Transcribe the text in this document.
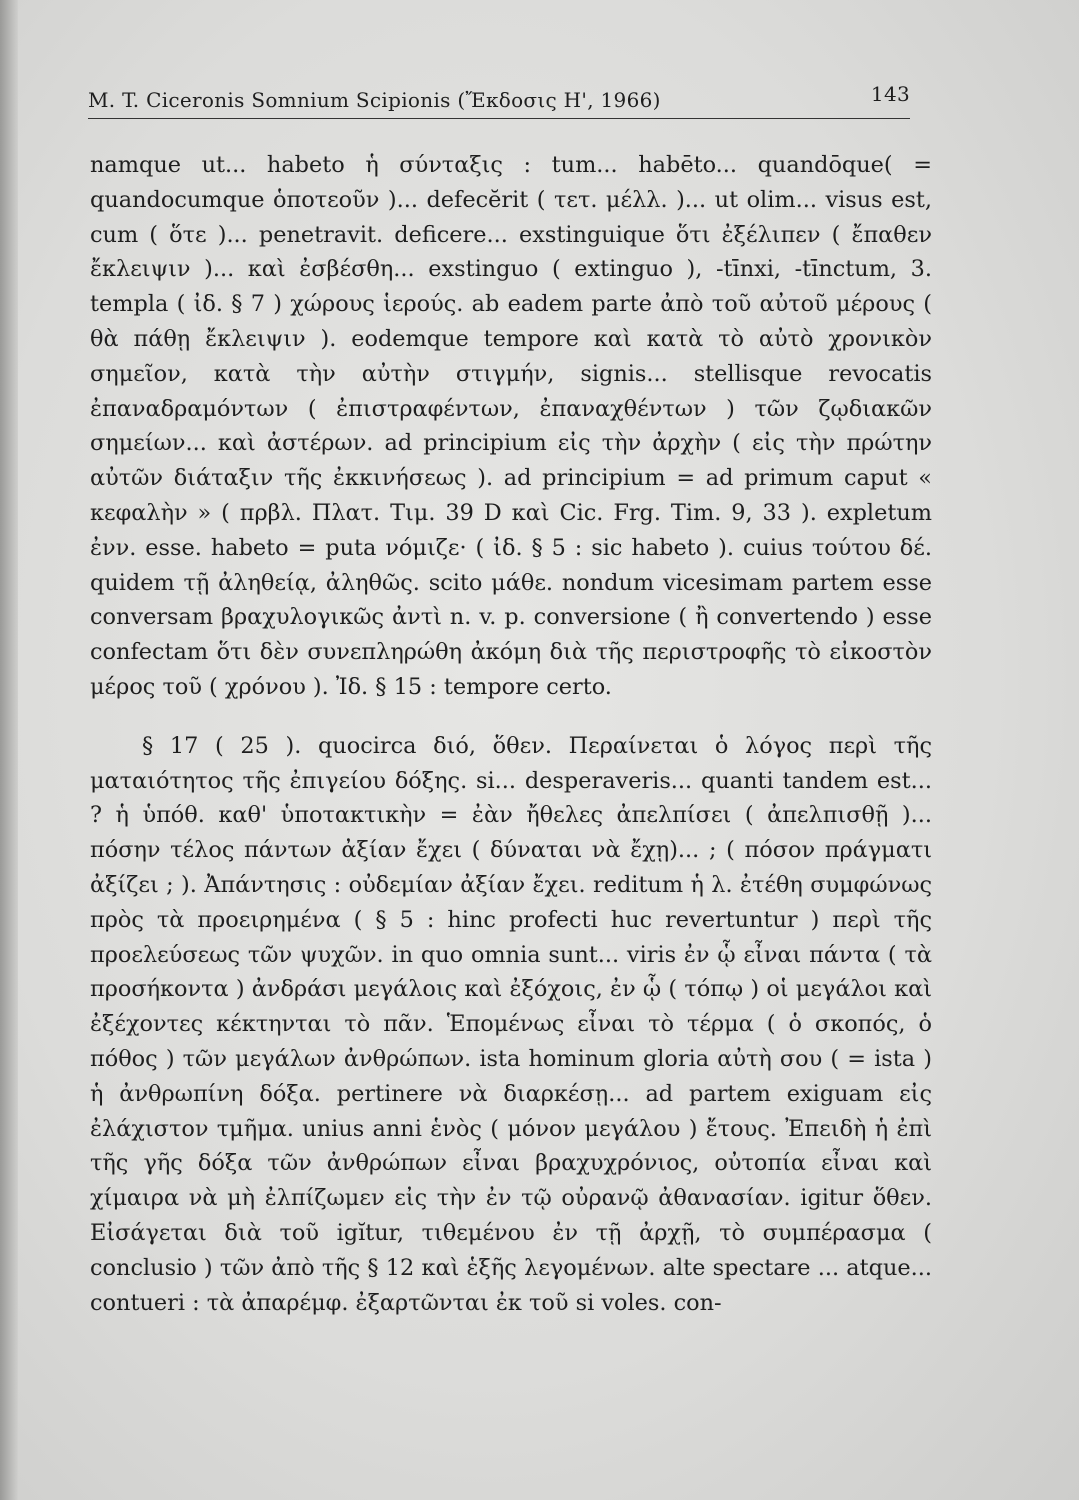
M. T. Ciceronis Somnium Scipionis (Ἔκδοσις Η', 1966)	143

namque ut... habeto ἡ σύνταξις : tum... habēto... quandōque( = quandocumque ὁποτεοῦν )... defecĕrit ( τετ. μέλλ. )... ut olim... visus est, cum ( ὅτε )... penetravit. deficere... exstinguique ὅτι ἐξέλιπεν ( ἔπαθεν ἔκλειψιν )... καὶ ἐσβέσθη... exstinguo ( extinguo ), -tīnxi, -tīnctum, 3. templa ( ἰδ. § 7 ) χώρους ἱερούς. ab eadem parte ἀπὸ τοῦ αὐτοῦ μέρους ( θὰ πάθῃ ἔκλειψιν ). eodemque tempore καὶ κατὰ τὸ αὐτὸ χρονικὸν σημεῖον, κατὰ τὴν αὐτὴν στιγμήν, signis... stellisque revocatis ἐπαναδραμόντων ( ἐπιστραφέντων, ἐπαναχθέντων ) τῶν ζῳδιακῶν σημείων... καὶ ἀστέρων. ad principium εἰς τὴν ἀρχὴν ( εἰς τὴν πρώτην αὐτῶν διάταξιν τῆς ἐκκινήσεως ). ad principium = ad primum caput « κεφαλὴν » ( πρβλ. Πλατ. Τιμ. 39 D καὶ Cic. Frg. Tim. 9, 33 ). expletum ἐνν. esse. habeto = puta νόμιζε· ( ἰδ. § 5 : sic habeto ). cuius τούτου δέ. quidem τῇ ἀληθείᾳ, ἀληθῶς. scito μάθε. nondum vicesimam partem esse conversam βραχυλογικῶς ἀντὶ n. v. p. conversione ( ἢ convertendo ) esse confectam ὅτι δὲν συνεπληρώθη ἀκόμη διὰ τῆς περιστροφῆς τὸ εἰκοστὸν μέρος τοῦ ( χρόνου ). Ἰδ. § 15 : tempore certo.

§ 17 ( 25 ). quocirca διό, ὅθεν. Περαίνεται ὁ λόγος περὶ τῆς ματαιότητος τῆς ἐπιγείου δόξης. si... desperaveris... quanti tandem est... ? ἡ ὑπόθ. καθ' ὑποτακτικὴν = ἐὰν ἤθελες ἀπελπίσει ( ἀπελπισθῇ )... πόσην τέλος πάντων ἀξίαν ἔχει ( δύναται νὰ ἔχῃ)... ; ( πόσον πράγματι ἀξίζει ; ). Ἀπάντησις : οὐδεμίαν ἀξίαν ἔχει. reditum ἡ λ. ἐτέθη συμφώνως πρὸς τὰ προειρημένα ( § 5 : hinc profecti huc revertuntur ) περὶ τῆς προελεύσεως τῶν ψυχῶν. in quo omnia sunt... viris ἐν ᾧ εἶναι πάντα ( τὰ προσήκοντα ) ἀνδράσι μεγάλοις καὶ ἐξόχοις, ἐν ᾧ ( τόπῳ ) οἱ μεγάλοι καὶ ἐξέχοντες κέκτηνται τὸ πᾶν. Ἑπομένως εἶναι τὸ τέρμα ( ὁ σκοπός, ὁ πόθος ) τῶν μεγάλων ἀνθρώπων. ista hominum gloria αὐτὴ σου ( = ista ) ἡ ἀνθρωπίνη δόξα. pertinere νὰ διαρκέσῃ... ad partem exiguam εἰς ἐλάχιστον τμῆμα. unius anni ἑνὸς ( μόνον μεγάλου ) ἔτους. Ἐπειδὴ ἡ ἐπὶ τῆς γῆς δόξα τῶν ἀνθρώπων εἶναι βραχυχρόνιος, οὐτοπία εἶναι καὶ χίμαιρα νὰ μὴ ἐλπίζωμεν εἰς τὴν ἐν τῷ οὐρανῷ ἀθανασίαν. igitur ὅθεν. Εἰσάγεται διὰ τοῦ igĭtur, τιθεμένου ἐν τῇ ἀρχῇ, τὸ συμπέρασμα ( conclusio ) τῶν ἀπὸ τῆς § 12 καὶ ἑξῆς λεγομένων. alte spectare ... atque... contueri : τὰ ἀπαρέμφ. ἐξαρτῶνται ἐκ τοῦ si voles. con-
